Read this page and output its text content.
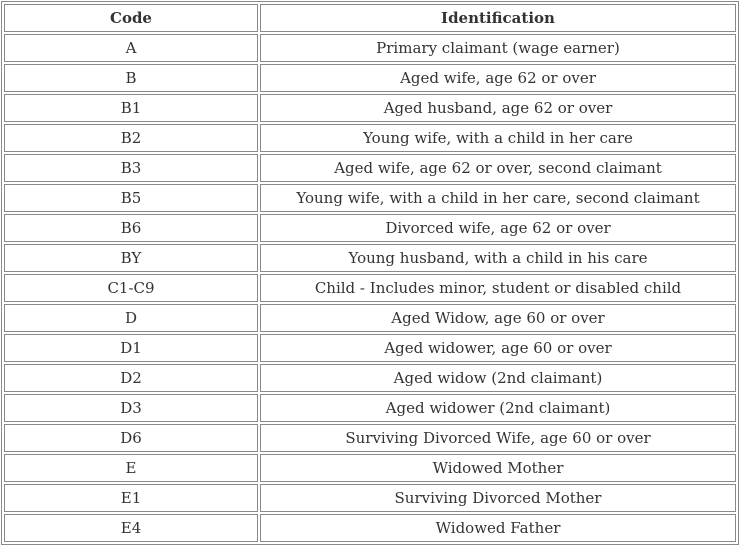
Code	Identification
A	Primary claimant (wage earner)
B	Aged wife, age 62 or over
B1	Aged husband, age 62 or over
B2	Young wife, with a child in her care
B3	Aged wife, age 62 or over, second claimant
B5	Young wife, with a child in her care, second claimant
B6	Divorced wife, age 62 or over
BY	Young husband, with a child in his care
C1-C9	Child - Includes minor, student or disabled child
D	Aged Widow, age 60 or over
D1	Aged widower, age 60 or over
D2	Aged widow (2nd claimant)
D3	Aged widower (2nd claimant)
D6	Surviving Divorced Wife, age 60 or over
E	Widowed Mother
E1	Surviving Divorced Mother
E4	Widowed Father
